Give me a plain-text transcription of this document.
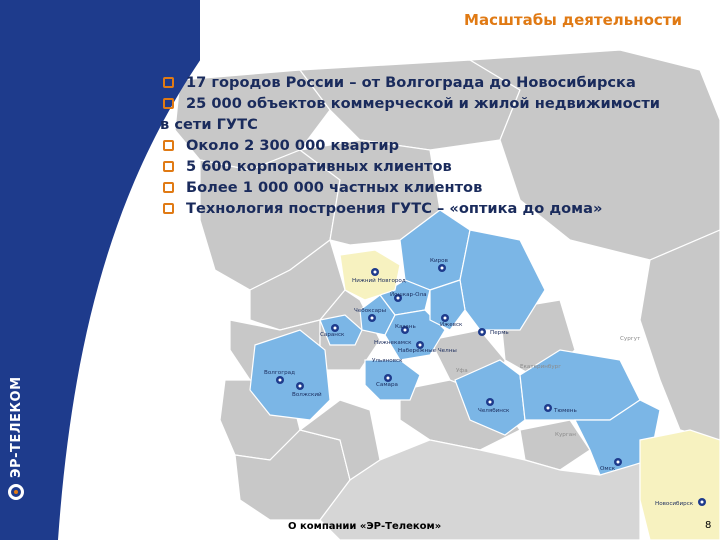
Нижний Новгород
Киров
Йошкар-Ола
Чебоксары
Казань	Ижевск
Пермь
Набережные Челны
Нижнекамск
Ульяновск
Саранск
Самара
Волгоград
Волжский
Уфа
Екатеринбург
Челябинск	Тюмень
Омск
Новосибирск
Курган
Сургут
ЭР-ТЕЛЕКОМ
Масштабы деятельности
17 городов России – от Волгограда до Новосибирска
25 000 объектов коммерческой и жилой недвижимости
в сети ГУТС
Около 2 300 000 квартир
5 600 корпоративных клиентов
Более 1 000 000 частных клиентов
Технология построения ГУТС – «оптика до дома»
О компании «ЭР-Телеком»	8
